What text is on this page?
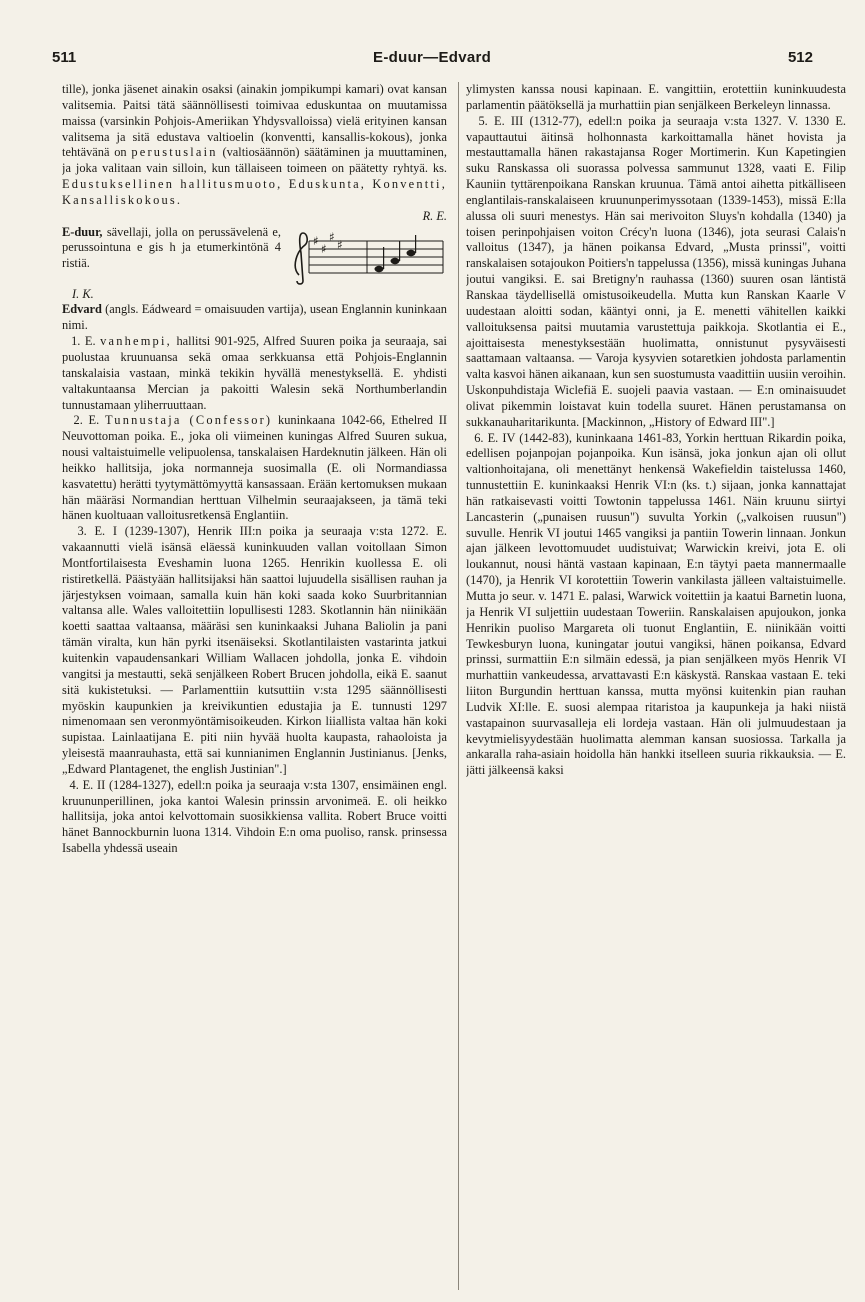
511	E-duur—Edvard	512

tille), jonka jäsenet ainakin osaksi (ainakin jompikumpi kamari) ovat kansan valitsemia. Paitsi tätä säännöllisesti toimivaa eduskuntaa on muutamissa maissa (varsinkin Pohjois-Ameriikan Yhdysvalloissa) vielä erityinen kansan valitsema ja sitä edustava valtioelin (konventti, kansallis-kokous), jonka tehtävänä on perustuslain (valtiosäännön) säätäminen ja muuttaminen, ja joka valitaan vain silloin, kun tällaiseen toimeen on päätetty ryhtyä. ks. Edustuksellinen hallitusmuoto, Eduskunta, Konventti, Kansalliskokous.
R. E.

E-duur, sävellaji, jolla on perussävelenä e, perussointuna e gis h ja etumerkintönä 4 ristiä.

♯
♯
♯
♯

I. K.

Edvard (angls. Eádweard = omaisuuden vartija), usean Englannin kuninkaan nimi.

1. E. vanhempi, hallitsi 901-925, Alfred Suuren poika ja seuraaja, sai puolustaa kruunuansa sekä omaa serkkuansa että Pohjois-Englannin tanskalaisia vastaan, minkä tekikin hyvällä menestyksellä. E. yhdisti valtakuntaansa Mercian ja pakoitti Walesin sekä Northumberlandin tunnustamaan yliherruuttaan.

2. E. Tunnustaja (Confessor) kuninkaana 1042-66, Ethelred II Neuvottoman poika. E., joka oli viimeinen kuningas Alfred Suuren sukua, nousi valtaistuimelle velipuolensa, tanskalaisen Hardeknutin jälkeen. Hän oli heikko hallitsija, joka normanneja suosimalla (E. oli Normandiassa kasvatettu) herätti tyytymättömyyttä kansassaan. Erään kertomuksen mukaan hän määräsi Normandian herttuan Vilhelmin seuraajakseen, ja tämä teki hänen kuoltuaan valloitusretkensä Englantiin.

3. E. I (1239-1307), Henrik III:n poika ja seuraaja v:sta 1272. E. vakaannutti vielä isänsä eläessä kuninkuuden vallan voitollaan Simon Montfortilaisesta Eveshamin luona 1265. Henrikin kuollessa E. oli ristiretkellä. Päästyään hallitsijaksi hän saattoi lujuudella sisällisen rauhan ja järjestyksen voimaan, samalla kuin hän koki saada koko Suurbritannian valtansa alle. Wales valloitettiin lopullisesti 1283. Skotlannin hän niinikään koetti saattaa valtaansa, määräsi sen kuninkaaksi Juhana Baliolin ja pani tämän viralta, kun hän pyrki itsenäiseksi. Skotlantilaisten vastarinta jatkui kuitenkin vapaudensankari William Wallacen johdolla, jonka E. vihdoin vangitsi ja mestautti, sekä senjälkeen Robert Brucen johdolla, eikä E. saanut sitä kukistetuksi. — Parlamenttiin kutsuttiin v:sta 1295 säännöllisesti myöskin kaupunkien ja kreivikuntien edustajia ja E. tunnusti 1297 nimenomaan sen veronmyöntämisoikeuden. Kirkon liiallista valtaa hän koki supistaa. Lainlaatijana E. piti niin hyvää huolta kaupasta, rahaoloista ja yleisestä maanrauhasta, että sai kunnianimen Englannin Justinianus. [Jenks, „Edward Plantagenet, the english Justinian".]

4. E. II (1284-1327), edell:n poika ja seuraaja v:sta 1307, ensimäinen engl. kruununperillinen, joka kantoi Walesin prinssin arvonimeä. E. oli heikko hallitsija, joka antoi kelvottomain suosikkiensa vallita. Robert Bruce voitti hänet Bannockburnin luona 1314. Vihdoin E:n oma puoliso, ransk. prinsessa Isabella yhdessä useain

ylimysten kanssa nousi kapinaan. E. vangittiin, erotettiin kuninkuudesta parlamentin päätöksellä ja murhattiin pian senjälkeen Berkeleyn linnassa.

5. E. III (1312-77), edell:n poika ja seuraaja v:sta 1327. V. 1330 E. vapauttautui äitinsä holhonnasta karkoittamalla hänet hovista ja mestauttamalla hänen rakastajansa Roger Mortimerin. Kun Kapetingien suku Ranskassa oli suorassa polvessa sammunut 1328, vaati E. Filip Kauniin tyttärenpoikana Ranskan kruunua. Tämä antoi aihetta pitkälliseen englantilais-ranskalaiseen kruununperimyssotaan (1339-1453), missä E:lla alussa oli suuri menestys. Hän sai merivoiton Sluys'n kohdalla (1340) ja toisen perinpohjaisen voiton Crécy'n luona (1346), jota seurasi Calais'n valloitus (1347), ja hänen poikansa Edvard, „Musta prinssi", voitti ranskalaisen sotajoukon Poitiers'n tappelussa (1356), missä kuningas Juhana joutui vangiksi. E. sai Bretigny'n rauhassa (1360) suuren osan läntistä Ranskaa täydellisellä omistusoikeudella. Mutta kun Ranskan Kaarle V uudestaan aloitti sodan, kääntyi onni, ja E. menetti vähitellen kaikki valloituksensa paitsi muutamia varustettuja paikkoja. Skotlantia ei E., ajoittaisesta menestyksestään huolimatta, onnistunut pysyväisesti saattamaan valtaansa. — Varoja kysyvien sotaretkien johdosta parlamentin valta kasvoi hänen aikanaan, kun sen suostumusta vaadittiin uusiin veroihin. Uskonpuhdistaja Wiclefiä E. suojeli paavia vastaan. — E:n ominaisuudet olivat pikemmin loistavat kuin todella suuret. Hänen perustamansa on sukkanauharitarikunta. [Mackinnon, „History of Edward III".]

6. E. IV (1442-83), kuninkaana 1461-83, Yorkin herttuan Rikardin poika, edellisen pojanpojan pojanpoika. Kun isänsä, joka jonkun ajan oli ollut valtionhoitajana, oli menettänyt henkensä Wakefieldin taistelussa 1460, tunnustettiin E. kuninkaaksi Henrik VI:n (ks. t.) sijaan, jonka kannattajat hän ratkaisevasti voitti Towtonin tappelussa 1461. Näin kruunu siirtyi Lancasterin („punaisen ruusun") suvulta Yorkin („valkoisen ruusun") suvulle. Henrik VI joutui 1465 vangiksi ja pantiin Towerin linnaan. Jonkun ajan jälkeen levottomuudet uudistuivat; Warwickin kreivi, jota E. oli loukannut, nousi häntä vastaan kapinaan, E:n täytyi paeta mannermaalle (1470), ja Henrik VI korotettiin Towerin vankilasta jälleen valtaistuimelle. Mutta jo seur. v. 1471 E. palasi, Warwick voitettiin ja kaatui Barnetin luona, ja Henrik VI suljettiin uudestaan Toweriin. Ranskalaisen apujoukon, jonka Henrikin puoliso Margareta oli tuonut Englantiin, E. niinikään voitti Tewkesburyn luona, kuningatar joutui vangiksi, hänen poikansa, Edvard prinssi, surmattiin E:n silmäin edessä, ja pian senjälkeen myös Henrik VI murhattiin vankeudessa, arvattavasti E:n käskystä. Ranskaa vastaan E. teki liiton Burgundin herttuan kanssa, mutta myönsi kuitenkin pian rauhan Ludvik XI:lle. E. suosi alempaa ritaristoa ja kaupunkeja ja haki niistä vastapainon suurvasalleja eli lordeja vastaan. Hän oli julmuudestaan ja kevytmielisyydestään huolimatta alemman kansan suosiossa. Tarkalla ja ankaralla raha-asiain hoidolla hän hankki itselleen suuria rikkauksia. — E. jätti jälkeensä kaksi
